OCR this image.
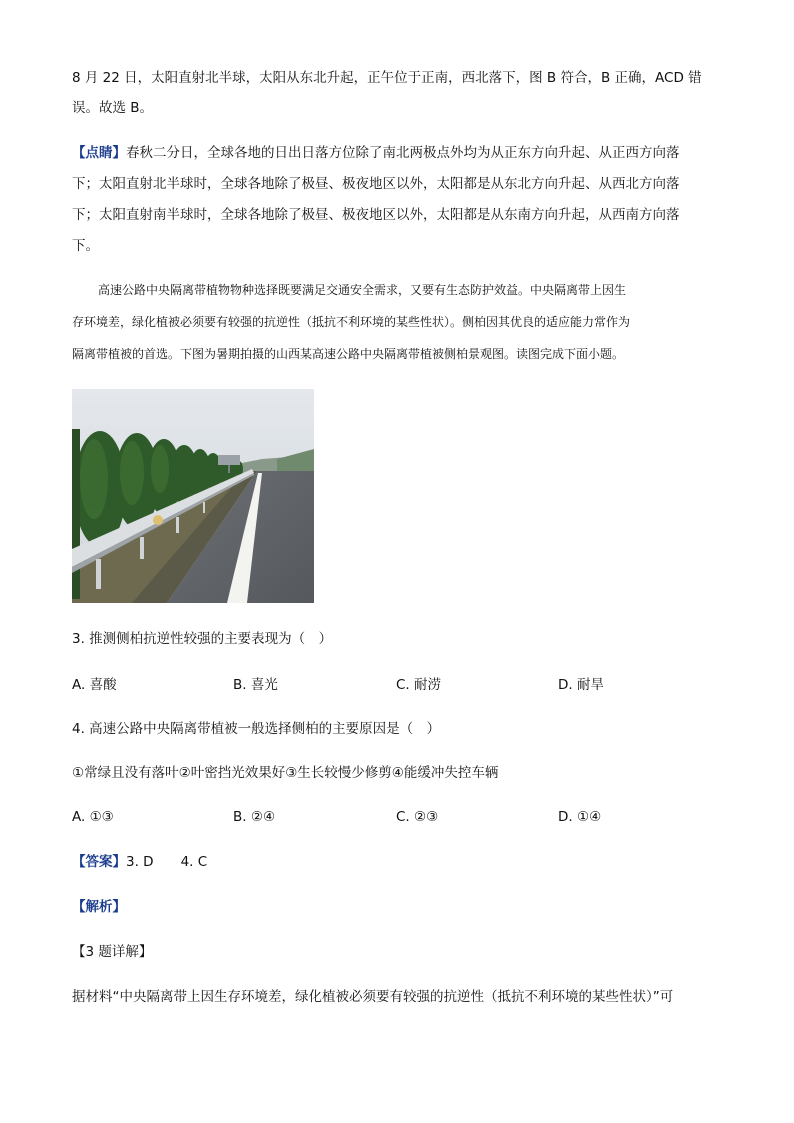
8 月 22 日，太阳直射北半球，太阳从东北升起，正午位于正南，西北落下，图 B 符合，B 正确，ACD 错
误。故选 B。
【点睛】春秋二分日，全球各地的日出日落方位除了南北两极点外均为从正东方向升起、从正西方向落
下；太阳直射北半球时，全球各地除了极昼、极夜地区以外，太阳都是从东北方向升起、从西北方向落
下；太阳直射南半球时，全球各地除了极昼、极夜地区以外，太阳都是从东南方向升起，从西南方向落
下。
高速公路中央隔离带植物物种选择既要满足交通安全需求，又要有生态防护效益。中央隔离带上因生
存环境差，绿化植被必须要有较强的抗逆性（抵抗不利环境的某些性状）。侧柏因其优良的适应能力常作为
隔离带植被的首选。下图为暑期拍摄的山西某高速公路中央隔离带植被侧柏景观图。读图完成下面小题。
3. 推测侧柏抗逆性较强的主要表现为（　）
A. 喜酸	B. 喜光	C. 耐涝	D. 耐旱
4. 高速公路中央隔离带植被一般选择侧柏的主要原因是（　）
①常绿且没有落叶②叶密挡光效果好③生长较慢少修剪④能缓冲失控车辆
A. ①③	B. ②④	C. ②③	D. ①④
【答案】3. D　　4. C
【解析】
【3 题详解】
据材料“中央隔离带上因生存环境差，绿化植被必须要有较强的抗逆性（抵抗不利环境的某些性状）”可
